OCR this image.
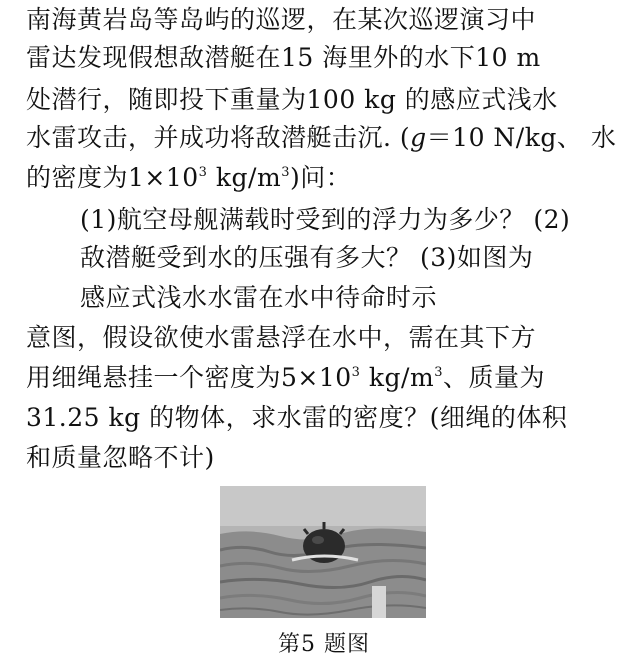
南海黄岩岛等岛屿的巡逻，在某次巡逻演习中
雷达发现假想敌潜艇在15 海里外的水下10 m
处潜行，随即投下重量为100 kg 的感应式浅水
水雷攻击，并成功将敌潜艇击沉. (g＝10 N/kg、 水
的密度为$1\times 10^3$ $kg/m^3$)问：
(1)航空母舰满载时受到的浮力为多少？ (2)
敌潜艇受到水的压强有多大？ (3)如图为
感应式浅水水雷在水中待命时示
意图，假设欲使水雷悬浮在水中，需在其下方
用细绳悬挂一个密度为$5\times 10^3$ $kg/m^3$、质量为
31.25 kg 的物体，求水雷的密度？(细绳的体积
和质量忽略不计)
第5 题图
